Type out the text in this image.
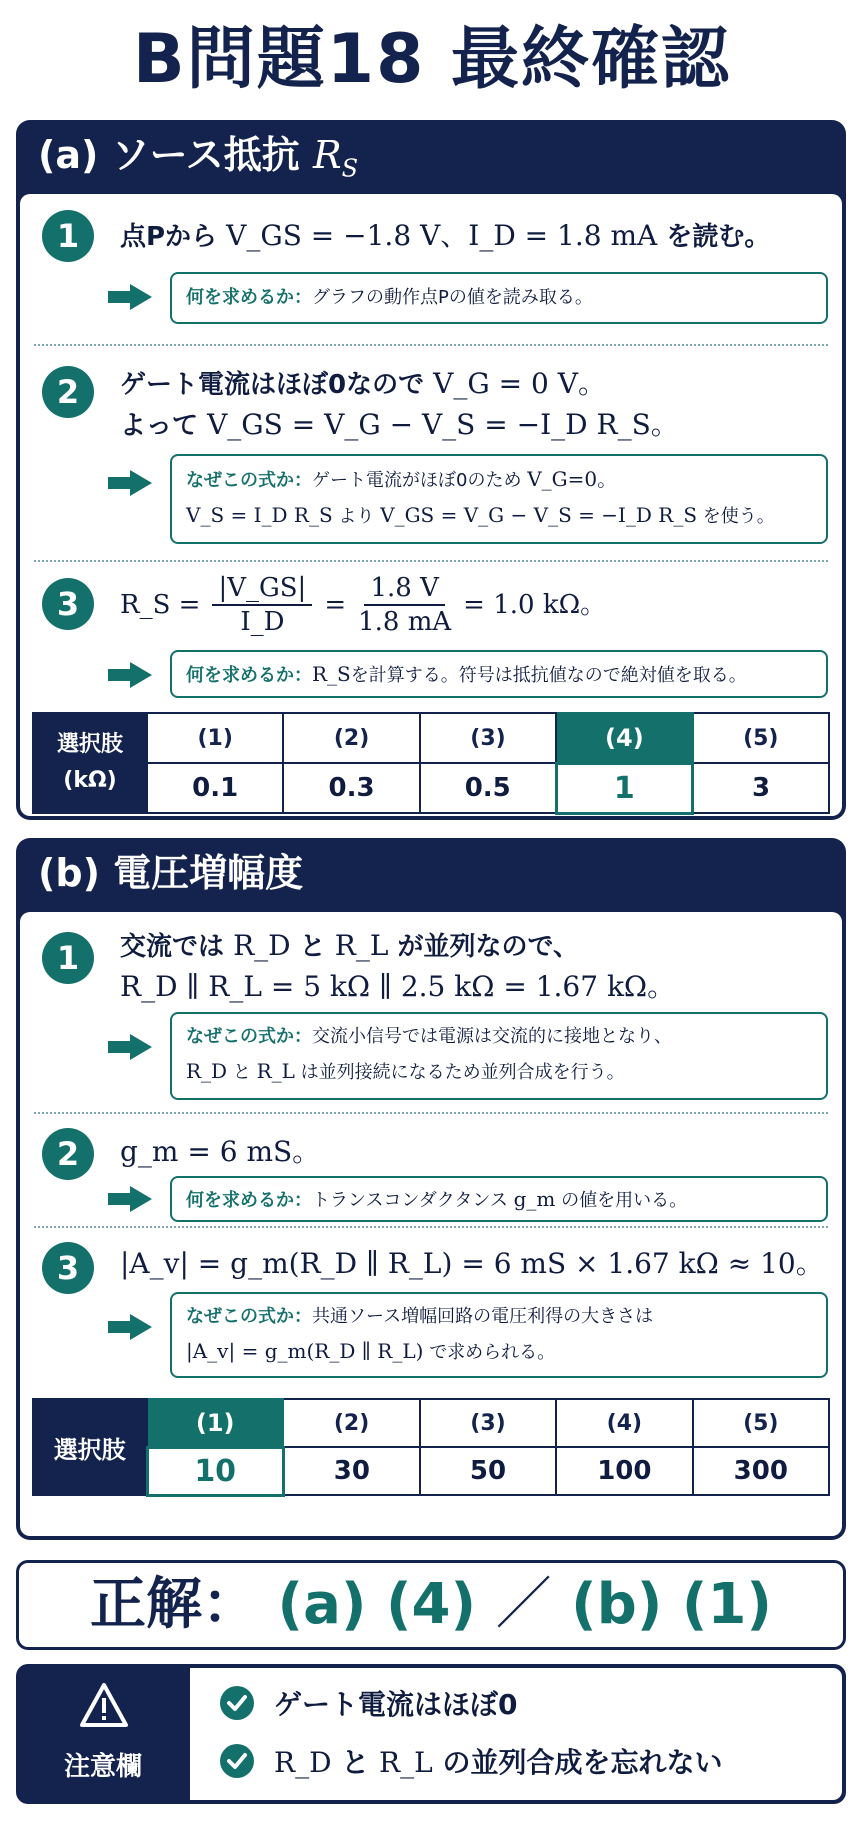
B問題18 最終確認
(a) ソース抵抗 $R_S$
1	点Pから V_GS = −1.8 V、I_D = 1.8 mA を読む。
何を求めるか：グラフの動作点Pの値を読み取る。
2	ゲート電流はほぼ0なので V_G = 0 V。
よって V_GS = V_G − V_S = −I_D R_S。
なぜこの式か：ゲート電流がほぼ0のため V_G=0。
V_S = I_D R_S より V_GS = V_G − V_S = −I_D R_S を使う。
3	R_S = $\frac{|V\_GS|}{I\_D} = \frac{1.8 V}{1.8 mA} = 1.0$ kΩ。
何を求めるか：R_Sを計算する。符号は抵抗値なので絶対値を取る。
選択肢
(kΩ)	(1)	(2)	(3)	(4)	(5)
	0.1	0.3	0.5	1	3
(b) 電圧増幅度
1	交流では R_D と R_L が並列なので、
R_D ∥ R_L = 5 kΩ ∥ 2.5 kΩ = 1.67 kΩ。
なぜこの式か：交流小信号では電源は交流的に接地となり、
R_D と R_L は並列接続になるため並列合成を行う。
2	g_m = 6 mS。
何を求めるか：トランスコンダクタンス g_m の値を用いる。
3	|A_v| = g_m(R_D ∥ R_L) = 6 mS × 1.67 kΩ ≈ 10。
なぜこの式か：共通ソース増幅回路の電圧利得の大きさは
|A_v| = g_m(R_D ∥ R_L) で求められる。
選択肢	(1)	(2)	(3)	(4)	(5)
	10	30	50	100	300
正解： (a) (4) ／ (b) (1)
注意欄
ゲート電流はほぼ0
R_D と R_L の並列合成を忘れない
